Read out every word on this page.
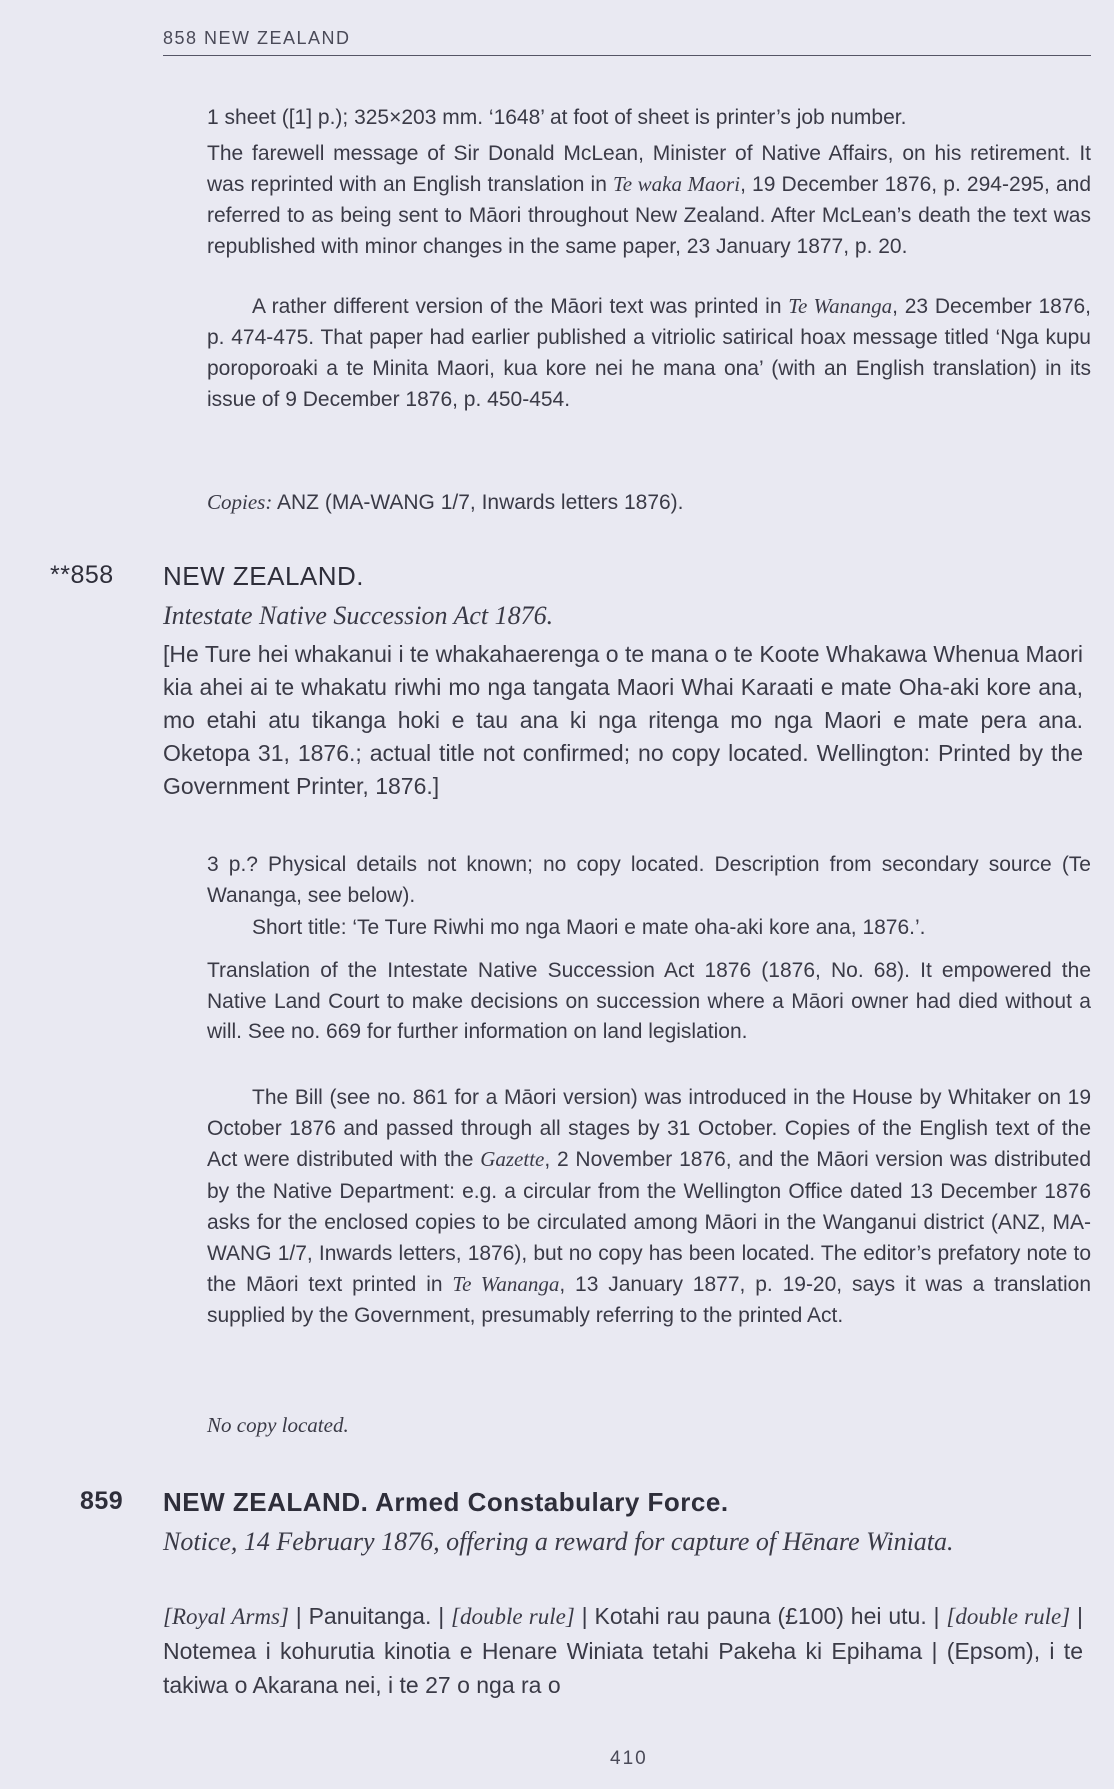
858 NEW ZEALAND

1 sheet ([1] p.); 325×203 mm. ‘1648’ at foot of sheet is printer’s job number.

The farewell message of Sir Donald McLean, Minister of Native Affairs, on his retirement. It was reprinted with an English translation in Te waka Maori, 19 December 1876, p. 294-295, and referred to as being sent to Māori throughout New Zealand. After McLean’s death the text was republished with minor changes in the same paper, 23 January 1877, p. 20.

A rather different version of the Māori text was printed in Te Wananga, 23 December 1876, p. 474-475. That paper had earlier published a vitriolic satirical hoax message titled ‘Nga kupu poroporoaki a te Minita Maori, kua kore nei he mana ona’ (with an English translation) in its issue of 9 December 1876, p. 450-454.

Copies: ANZ (MA-WANG 1/7, Inwards letters 1876).

**858 NEW ZEALAND.
Intestate Native Succession Act 1876.

[He Ture hei whakanui i te whakahaerenga o te mana o te Koote Whakawa Whenua Maori kia ahei ai te whakatu riwhi mo nga tangata Maori Whai Karaati e mate Oha-aki kore ana, mo etahi atu tikanga hoki e tau ana ki nga ritenga mo nga Maori e mate pera ana. Oketopa 31, 1876.; actual title not confirmed; no copy located. Wellington: Printed by the Government Printer, 1876.]

3 p.? Physical details not known; no copy located. Description from secondary source (Te Wananga, see below).

Short title: ‘Te Ture Riwhi mo nga Maori e mate oha-aki kore ana, 1876.’.

Translation of the Intestate Native Succession Act 1876 (1876, No. 68). It empowered the Native Land Court to make decisions on succession where a Māori owner had died without a will. See no. 669 for further information on land legislation.

The Bill (see no. 861 for a Māori version) was introduced in the House by Whitaker on 19 October 1876 and passed through all stages by 31 October. Copies of the English text of the Act were distributed with the Gazette, 2 November 1876, and the Māori version was distributed by the Native Department: e.g. a circular from the Wellington Office dated 13 December 1876 asks for the enclosed copies to be circulated among Māori in the Wanganui district (ANZ, MA-WANG 1/7, Inwards letters, 1876), but no copy has been located. The editor’s prefatory note to the Māori text printed in Te Wananga, 13 January 1877, p. 19-20, says it was a translation supplied by the Government, presumably referring to the printed Act.

No copy located.

859 NEW ZEALAND. Armed Constabulary Force.
Notice, 14 February 1876, offering a reward for capture of Hēnare Winiata.

[Royal Arms] | Panuitanga. | [double rule] | Kotahi rau pauna (£100) hei utu. | [double rule] | Notemea i kohurutia kinotia e Henare Winiata tetahi Pakeha ki Epihama | (Epsom), i te takiwa o Akarana nei, i te 27 o nga ra o

410
